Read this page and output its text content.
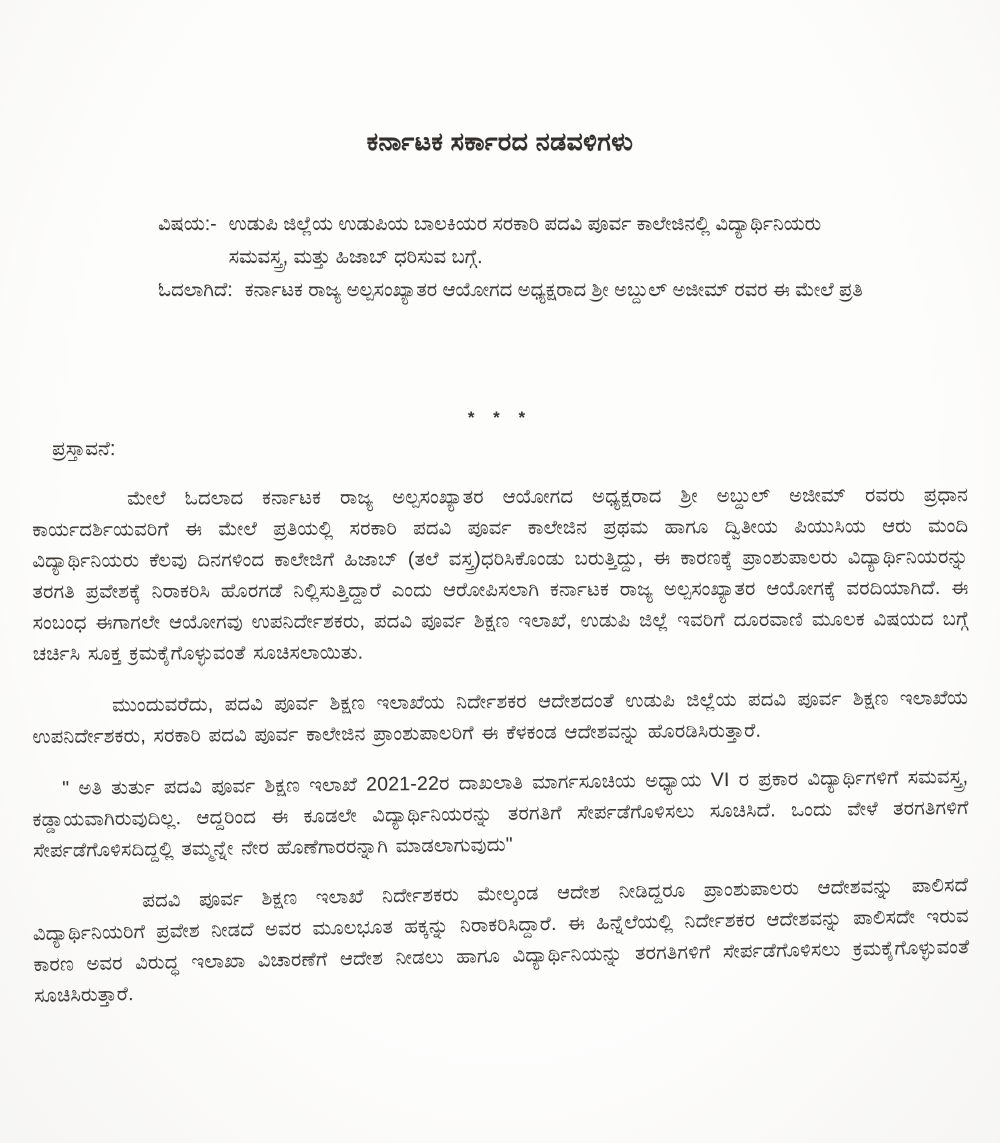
ಕರ್ನಾಟಕ ಸರ್ಕಾರದ ನಡವಳಿಗಳು
ವಿಷಯ:- ಉಡುಪಿ ಜಿಲ್ಲೆಯ ಉಡುಪಿಯ ಬಾಲಕಿಯರ ಸರಕಾರಿ ಪದವಿ ಪೂರ್ವ ಕಾಲೇಜಿನಲ್ಲಿ ವಿದ್ಯಾರ್ಥಿನಿಯರು ಸಮವಸ್ತ್ರ, ಮತ್ತು ಹಿಜಾಬ್ ಧರಿಸುವ ಬಗ್ಗೆ.
ಓದಲಾಗಿದೆ: ಕರ್ನಾಟಕ ರಾಜ್ಯ ಅಲ್ಪಸಂಖ್ಯಾತರ ಆಯೋಗದ ಅಧ್ಯಕ್ಷರಾದ ಶ್ರೀ ಅಬ್ದುಲ್ ಅಜೀಮ್ ರವರ ಈ ಮೇಲೆ ಪ್ರತಿ
* * *
ಪ್ರಸ್ತಾವನೆ:

ಮೇಲೆ ಓದಲಾದ ಕರ್ನಾಟಕ ರಾಜ್ಯ ಅಲ್ಪಸಂಖ್ಯಾತರ ಆಯೋಗದ ಅಧ್ಯಕ್ಷರಾದ ಶ್ರೀ ಅಬ್ದುಲ್ ಅಜೀಮ್ ರವರು ಪ್ರಧಾನ ಕಾರ್ಯದರ್ಶಿಯವರಿಗೆ ಈ ಮೇಲೆ ಪ್ರತಿಯಲ್ಲಿ ಸರಕಾರಿ ಪದವಿ ಪೂರ್ವ ಕಾಲೇಜಿನ ಪ್ರಥಮ ಹಾಗೂ ದ್ವಿತೀಯ ಪಿಯುಸಿಯ ಆರು ಮಂದಿ ವಿದ್ಯಾರ್ಥಿನಿಯರು ಕೆಲವು ದಿನಗಳಿಂದ ಕಾಲೇಜಿಗೆ ಹಿಜಾಬ್ (ತಲೆ ವಸ್ತ್ರ)ಧರಿಸಿಕೊಂಡು ಬರುತ್ತಿದ್ದು, ಈ ಕಾರಣಕ್ಕೆ ಪ್ರಾಂಶುಪಾಲರು ವಿದ್ಯಾರ್ಥಿನಿಯರನ್ನು ತರಗತಿ ಪ್ರವೇಶಕ್ಕೆ ನಿರಾಕರಿಸಿ ಹೊರಗಡೆ ನಿಲ್ಲಿಸುತ್ತಿದ್ದಾರೆ ಎಂದು ಆರೋಪಿಸಲಾಗಿ ಕರ್ನಾಟಕ ರಾಜ್ಯ ಅಲ್ಪಸಂಖ್ಯಾತರ ಆಯೋಗಕ್ಕೆ ವರದಿಯಾಗಿದೆ. ಈ ಸಂಬಂಧ ಈಗಾಗಲೇ ಆಯೋಗವು ಉಪನಿರ್ದೇಶಕರು, ಪದವಿ ಪೂರ್ವ ಶಿಕ್ಷಣ ಇಲಾಖೆ, ಉಡುಪಿ ಜಿಲ್ಲೆ ಇವರಿಗೆ ದೂರವಾಣಿ ಮೂಲಕ ವಿಷಯದ ಬಗ್ಗೆ ಚರ್ಚಿಸಿ ಸೂಕ್ತ ಕ್ರಮಕೈಗೊಳ್ಳುವಂತೆ ಸೂಚಿಸಲಾಯಿತು.

ಮುಂದುವರೆದು, ಪದವಿ ಪೂರ್ವ ಶಿಕ್ಷಣ ಇಲಾಖೆಯ ನಿರ್ದೇಶಕರ ಆದೇಶದಂತೆ ಉಡುಪಿ ಜಿಲ್ಲೆಯ ಪದವಿ ಪೂರ್ವ ಶಿಕ್ಷಣ ಇಲಾಖೆಯ ಉಪನಿರ್ದೇಶಕರು, ಸರಕಾರಿ ಪದವಿ ಪೂರ್ವ ಕಾಲೇಜಿನ ಪ್ರಾಂಶುಪಾಲರಿಗೆ ಈ ಕೆಳಕಂಡ ಆದೇಶವನ್ನು ಹೊರಡಿಸಿರುತ್ತಾರೆ.

" ಅತಿ ತುರ್ತು ಪದವಿ ಪೂರ್ವ ಶಿಕ್ಷಣ ಇಲಾಖೆ 2021-22ರ ದಾಖಲಾತಿ ಮಾರ್ಗಸೂಚಿಯ ಅಧ್ಯಾಯ VI ರ ಪ್ರಕಾರ ವಿದ್ಯಾರ್ಥಿಗಳಿಗೆ ಸಮವಸ್ತ್ರ, ಕಡ್ಡಾಯವಾಗಿರುವುದಿಲ್ಲ. ಆದ್ದರಿಂದ ಈ ಕೂಡಲೇ ವಿದ್ಯಾರ್ಥಿನಿಯರನ್ನು ತರಗತಿಗೆ ಸೇರ್ಪಡೆಗೊಳಿಸಲು ಸೂಚಿಸಿದೆ. ಒಂದು ವೇಳೆ ತರಗತಿಗಳಿಗೆ ಸೇರ್ಪಡೆಗೊಳಿಸದಿದ್ದಲ್ಲಿ ತಮ್ಮನ್ನೇ ನೇರ ಹೊಣೆಗಾರರನ್ನಾಗಿ ಮಾಡಲಾಗುವುದು"

ಪದವಿ ಪೂರ್ವ ಶಿಕ್ಷಣ ಇಲಾಖೆ ನಿರ್ದೇಶಕರು ಮೇಲ್ಕಂಡ ಆದೇಶ ನೀಡಿದ್ದರೂ ಪ್ರಾಂಶುಪಾಲರು ಆದೇಶವನ್ನು ಪಾಲಿಸದೆ ವಿದ್ಯಾರ್ಥಿನಿಯರಿಗೆ ಪ್ರವೇಶ ನೀಡದೆ ಅವರ ಮೂಲಭೂತ ಹಕ್ಕನ್ನು ನಿರಾಕರಿಸಿದ್ದಾರೆ. ಈ ಹಿನ್ನೆಲೆಯಲ್ಲಿ ನಿರ್ದೇಶಕರ ಆದೇಶವನ್ನು ಪಾಲಿಸದೇ ಇರುವ ಕಾರಣ ಅವರ ವಿರುದ್ಧ ಇಲಾಖಾ ವಿಚಾರಣೆಗೆ ಆದೇಶ ನೀಡಲು ಹಾಗೂ ವಿದ್ಯಾರ್ಥಿನಿಯನ್ನು ತರಗತಿಗಳಿಗೆ ಸೇರ್ಪಡೆಗೊಳಿಸಲು ಕ್ರಮಕೈಗೊಳ್ಳುವಂತೆ ಸೂಚಿಸಿರುತ್ತಾರೆ.
